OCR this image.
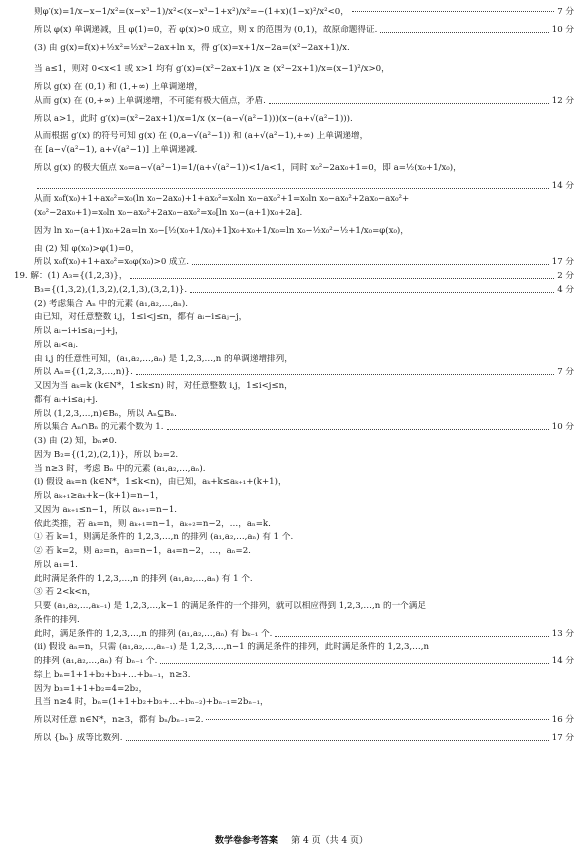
则φ′(x)=1/x−x−1/x²=(x−x³−1)/x²<(x−x³−1+x²)/x²=−(1+x)(1−x)²/x²<0，	7 分
所以 φ(x) 单调递减，且 φ(1)=0，若 φ(x)>0 成立，则 x 的范围为 (0,1)，故原命题得证.	10 分
(3) 由 g(x)=f(x)+½x²=½x²−2ax+ln x，得 g′(x)=x+1/x−2a=(x²−2ax+1)/x.
当 a≤1，则对 0<x<1 或 x>1 均有 g′(x)=(x²−2ax+1)/x ≥ (x²−2x+1)/x=(x−1)²/x>0，
所以 g(x) 在 (0,1) 和 (1,+∞) 上单调递增，
从而 g(x) 在 (0,+∞) 上单调递增，不可能有极大值点，矛盾.	12 分
所以 a>1，此时 g′(x)=(x²−2ax+1)/x=1/x (x−(a−√(a²−1)))(x−(a+√(a²−1))).
从而根据 g′(x) 的符号可知 g(x) 在 (0,a−√(a²−1)) 和 (a+√(a²−1),+∞) 上单调递增，
在 [a−√(a²−1), a+√(a²−1)] 上单调递减.
所以 g(x) 的极大值点 x₀=a−√(a²−1)=1/(a+√(a²−1))<1/a<1，同时 x₀²−2ax₀+1=0，即 a=½(x₀+1/x₀)，
14 分
从而 x₀f(x₀)+1+ax₀²=x₀(ln x₀−2ax₀)+1+ax₀²=x₀ln x₀−ax₀²+1=x₀ln x₀−ax₀²+2ax₀−ax₀²+
(x₀²−2ax₀+1)=x₀ln x₀−ax₀²+2ax₀−ax₀²=x₀[ln x₀−(a+1)x₀+2a].
因为 ln x₀−(a+1)x₀+2a=ln x₀−[½(x₀+1/x₀)+1]x₀+x₀+1/x₀=ln x₀−½x₀²−½+1/x₀=φ(x₀)，
由 (2) 知 φ(x₀)>φ(1)=0，
所以 x₀f(x₀)+1+ax₀²=x₀φ(x₀)>0 成立.	17 分
19. 解：(1) A₃={(1,2,3)}，	2 分
B₃={(1,3,2),(1,3,2),(2,1,3),(3,2,1)}.	4 分
(2) 考虑集合 Aₙ 中的元素 (a₁,a₂,…,aₙ).
由已知，对任意整数 i,j，1≤i<j≤n，都有 aᵢ−i≤aⱼ−j，
所以 aᵢ−i+i≤aⱼ−j+j，
所以 aᵢ<aⱼ.
由 i,j 的任意性可知，(a₁,a₂,…,aₙ) 是 1,2,3,…,n 的单调递增排列，
所以 Aₙ={(1,2,3,…,n)}.	7 分
又因为当 aₖ=k (k∈N*，1≤k≤n) 时，对任意整数 i,j，1≤i<j≤n，
都有 aᵢ+i≤aⱼ+j.
所以 (1,2,3,…,n)∈Bₙ，所以 Aₙ⊆Bₙ.
所以集合 Aₙ∩Bₙ 的元素个数为 1.	10 分
(3) 由 (2) 知，bₙ≠0.
因为 B₂={(1,2),(2,1)}，所以 b₂=2.
当 n≥3 时，考虑 Bₙ 中的元素 (a₁,a₂,…,aₙ).
(i) 假设 aₖ=n (k∈N*，1≤k<n)，由已知，aₖ+k≤aₖ₊₁+(k+1)，
所以 aₖ₊₁≥aₖ+k−(k+1)=n−1，
又因为 aₖ₊₁≤n−1，所以 aₖ₊₁=n−1.
依此类推，若 aₖ=n，则 aₖ₊₁=n−1，aₖ₊₂=n−2，…，aₙ=k.
① 若 k=1，则满足条件的 1,2,3,…,n 的排列 (a₁,a₂,…,aₙ) 有 1 个.
② 若 k=2，则 a₂=n，a₃=n−1，a₄=n−2，…，aₙ=2.
所以 a₁=1.
此时满足条件的 1,2,3,…,n 的排列 (a₁,a₂,…,aₙ) 有 1 个.
③ 若 2<k<n，
只要 (a₁,a₂,…,aₖ₋₁) 是 1,2,3,…,k−1 的满足条件的一个排列，就可以相应得到 1,2,3,…,n 的一个满足
条件的排列.
此时，满足条件的 1,2,3,…,n 的排列 (a₁,a₂,…,aₙ) 有 bₖ₋₁ 个.	13 分
(ii) 假设 aₙ=n，只需 (a₁,a₂,…,aₙ₋₁) 是 1,2,3,…,n−1 的满足条件的排列，此时满足条件的 1,2,3,…,n
的排列 (a₁,a₂,…,aₙ) 有 bₙ₋₁ 个.	14 分
综上 bₙ=1+1+b₂+b₃+…+bₙ₋₁，n≥3.
因为 b₃=1+1+b₂=4=2b₂，
且当 n≥4 时，bₙ=(1+1+b₂+b₃+…+bₙ₋₂)+bₙ₋₁=2bₙ₋₁，
所以对任意 n∈N*，n≥3，都有 bₙ/bₙ₋₁=2.	16 分
所以 {bₙ} 成等比数列.	17 分
数学卷参考答案 第 4 页（共 4 页）
